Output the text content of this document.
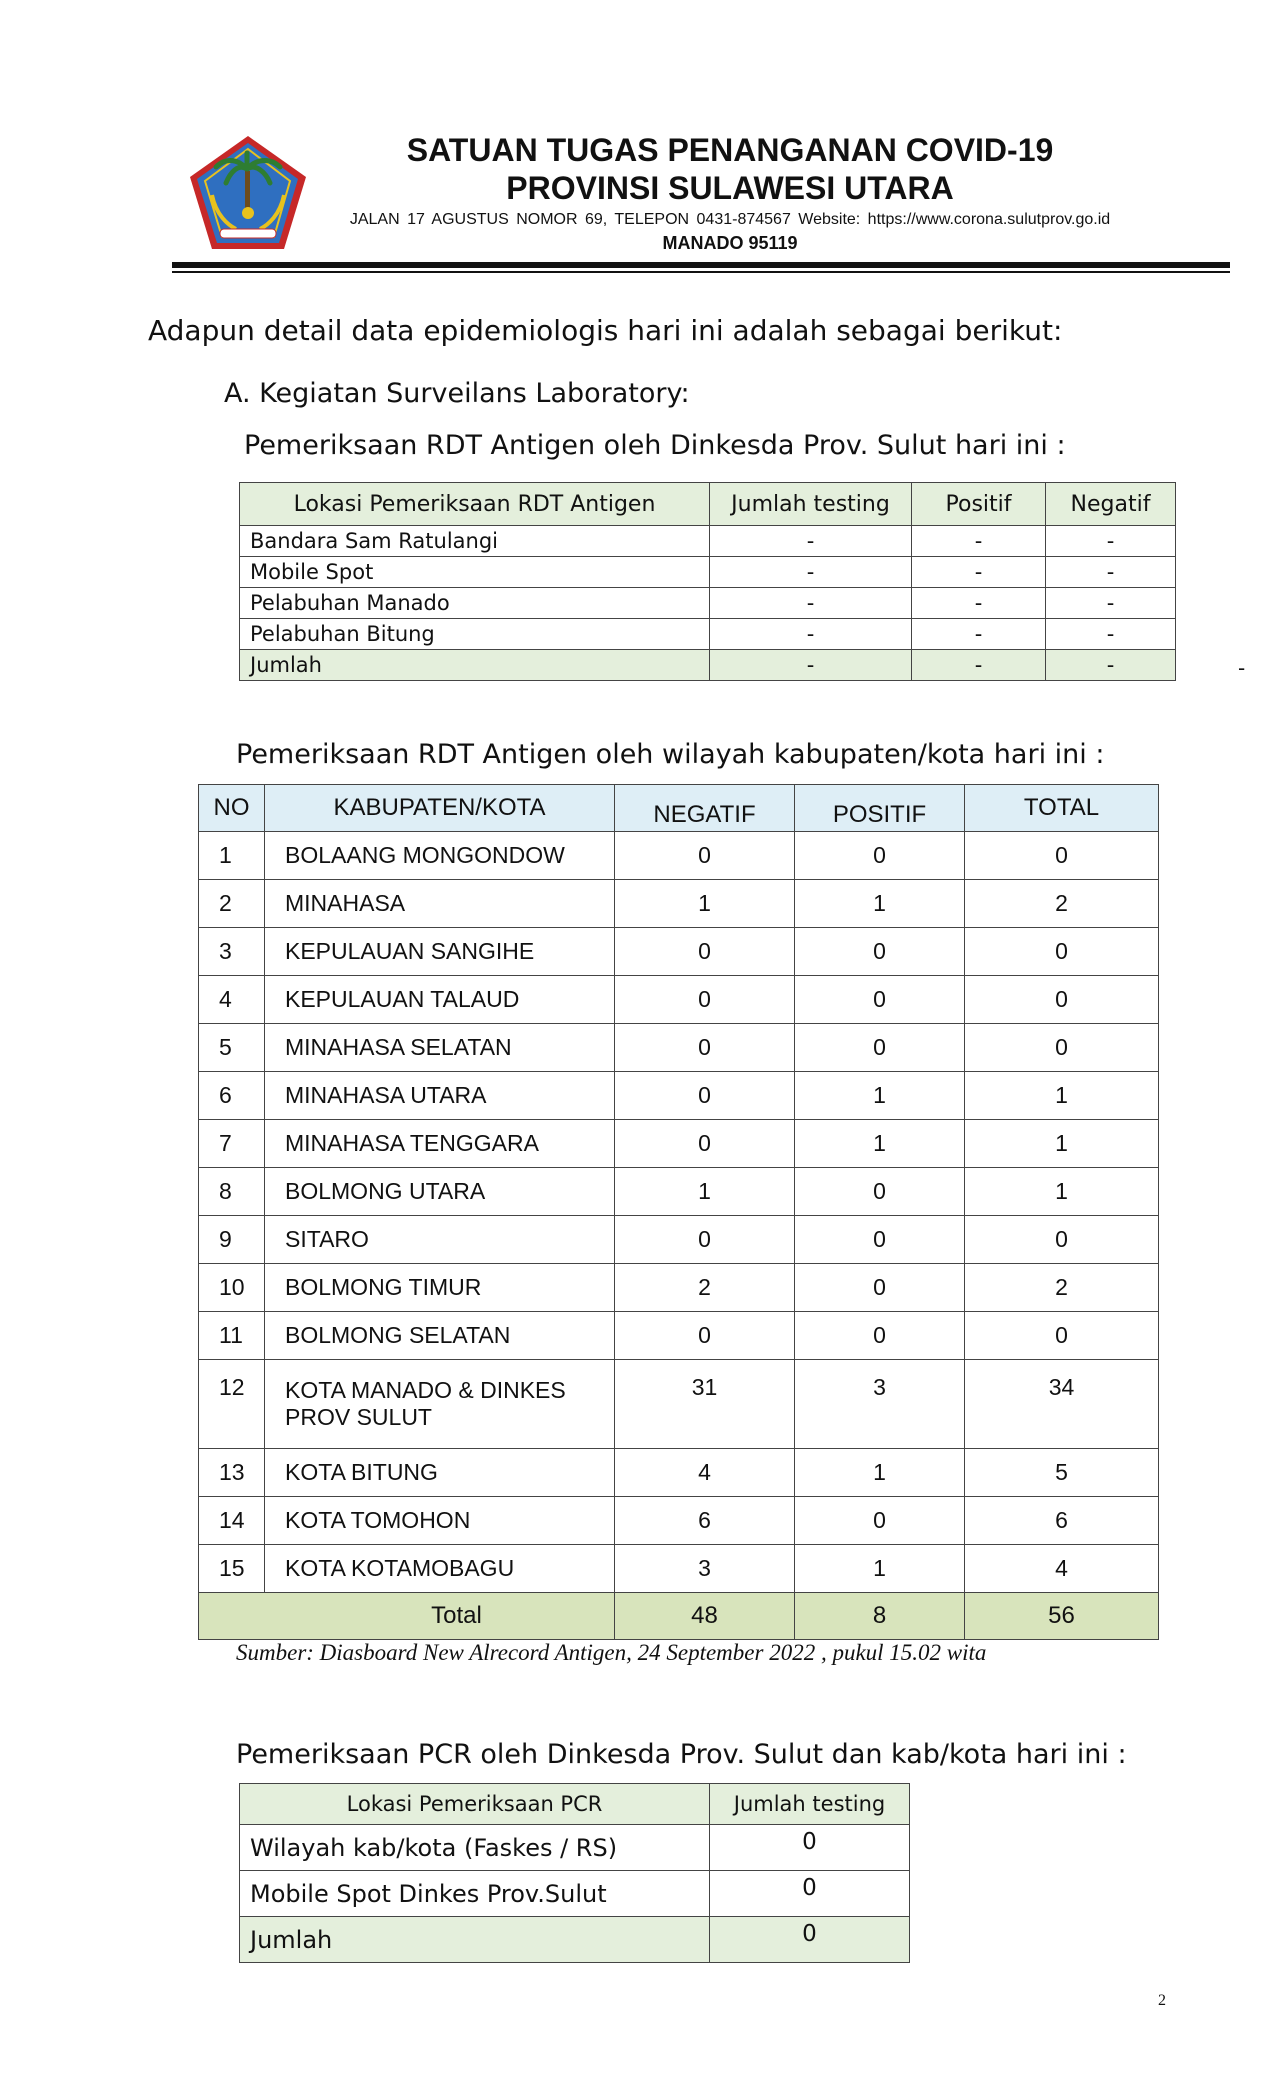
SATUAN TUGAS PENANGANAN COVID-19
PROVINSI SULAWESI UTARA
JALAN 17 AGUSTUS NOMOR 69, TELEPON 0431-874567 Website: https://www.corona.sulutprov.go.id
MANADO 95119
Adapun detail data epidemiologis hari ini adalah sebagai berikut:
A. Kegiatan Surveilans Laboratory:
Pemeriksaan RDT Antigen oleh Dinkesda Prov. Sulut hari ini :
Lokasi Pemeriksaan RDT Antigen	Jumlah testing	Positif	Negatif
Bandara Sam Ratulangi	-	-	-
Mobile Spot	-	-	-
Pelabuhan Manado	-	-	-
Pelabuhan Bitung	-	-	-
Jumlah	-	-	-	-
Pemeriksaan RDT Antigen oleh wilayah kabupaten/kota hari ini :
NO	KABUPATEN/KOTA	NEGATIF	POSITIF	TOTAL
1	BOLAANG MONGONDOW	0	0	0
2	MINAHASA	1	1	2
3	KEPULAUAN SANGIHE	0	0	0
4	KEPULAUAN TALAUD	0	0	0
5	MINAHASA SELATAN	0	0	0
6	MINAHASA UTARA	0	1	1
7	MINAHASA TENGGARA	0	1	1
8	BOLMONG UTARA	1	0	1
9	SITARO	0	0	0
10	BOLMONG TIMUR	2	0	2
11	BOLMONG SELATAN	0	0	0
12	KOTA MANADO & DINKES PROV SULUT	31	3	34
13	KOTA BITUNG	4	1	5
14	KOTA TOMOHON	6	0	6
15	KOTA KOTAMOBAGU	3	1	4
Total		48	8	56
Sumber: Diasboard New Alrecord Antigen, 24 September 2022 , pukul 15.02 wita
Pemeriksaan PCR oleh Dinkesda Prov. Sulut dan kab/kota hari ini :
Lokasi Pemeriksaan PCR	Jumlah testing
Wilayah kab/kota (Faskes / RS)	0
Mobile Spot Dinkes Prov.Sulut	0
Jumlah	0
2
